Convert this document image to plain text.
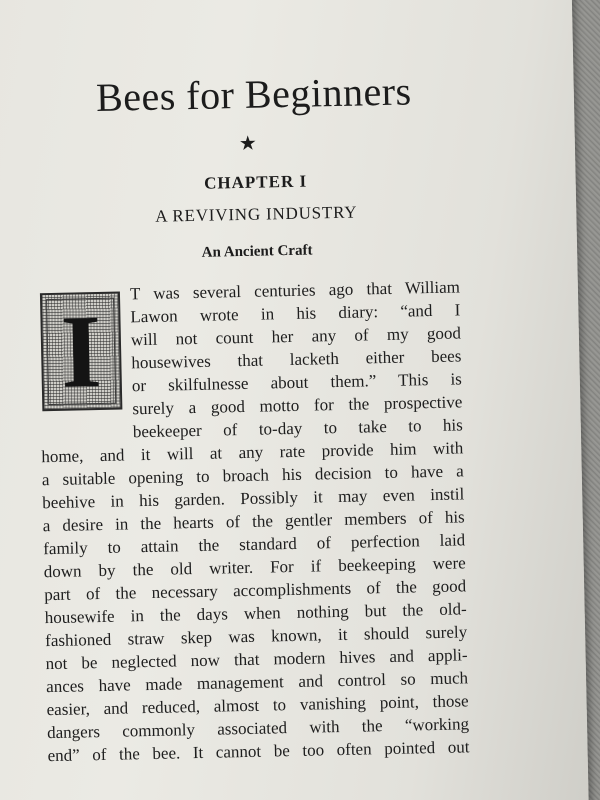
Bees for Beginners
★
CHAPTER I
A REVIVING INDUSTRY
An Ancient Craft
I
T was several centuries ago that William
Lawon wrote in his diary: “and I
will not count her any of my good
housewives that lacketh either bees
or skilfulnesse about them.” This is
surely a good motto for the prospective
beekeeper of to-day to take to his
home, and it will at any rate provide him with
a suitable opening to broach his decision to have a
beehive in his garden. Possibly it may even instil
a desire in the hearts of the gentler members of his
family to attain the standard of perfection laid
down by the old writer. For if beekeeping were
part of the necessary accomplishments of the good
housewife in the days when nothing but the old-
fashioned straw skep was known, it should surely
not be neglected now that modern hives and appli-
ances have made management and control so much
easier, and reduced, almost to vanishing point, those
dangers commonly associated with the “working
end” of the bee. It cannot be too often pointed out
